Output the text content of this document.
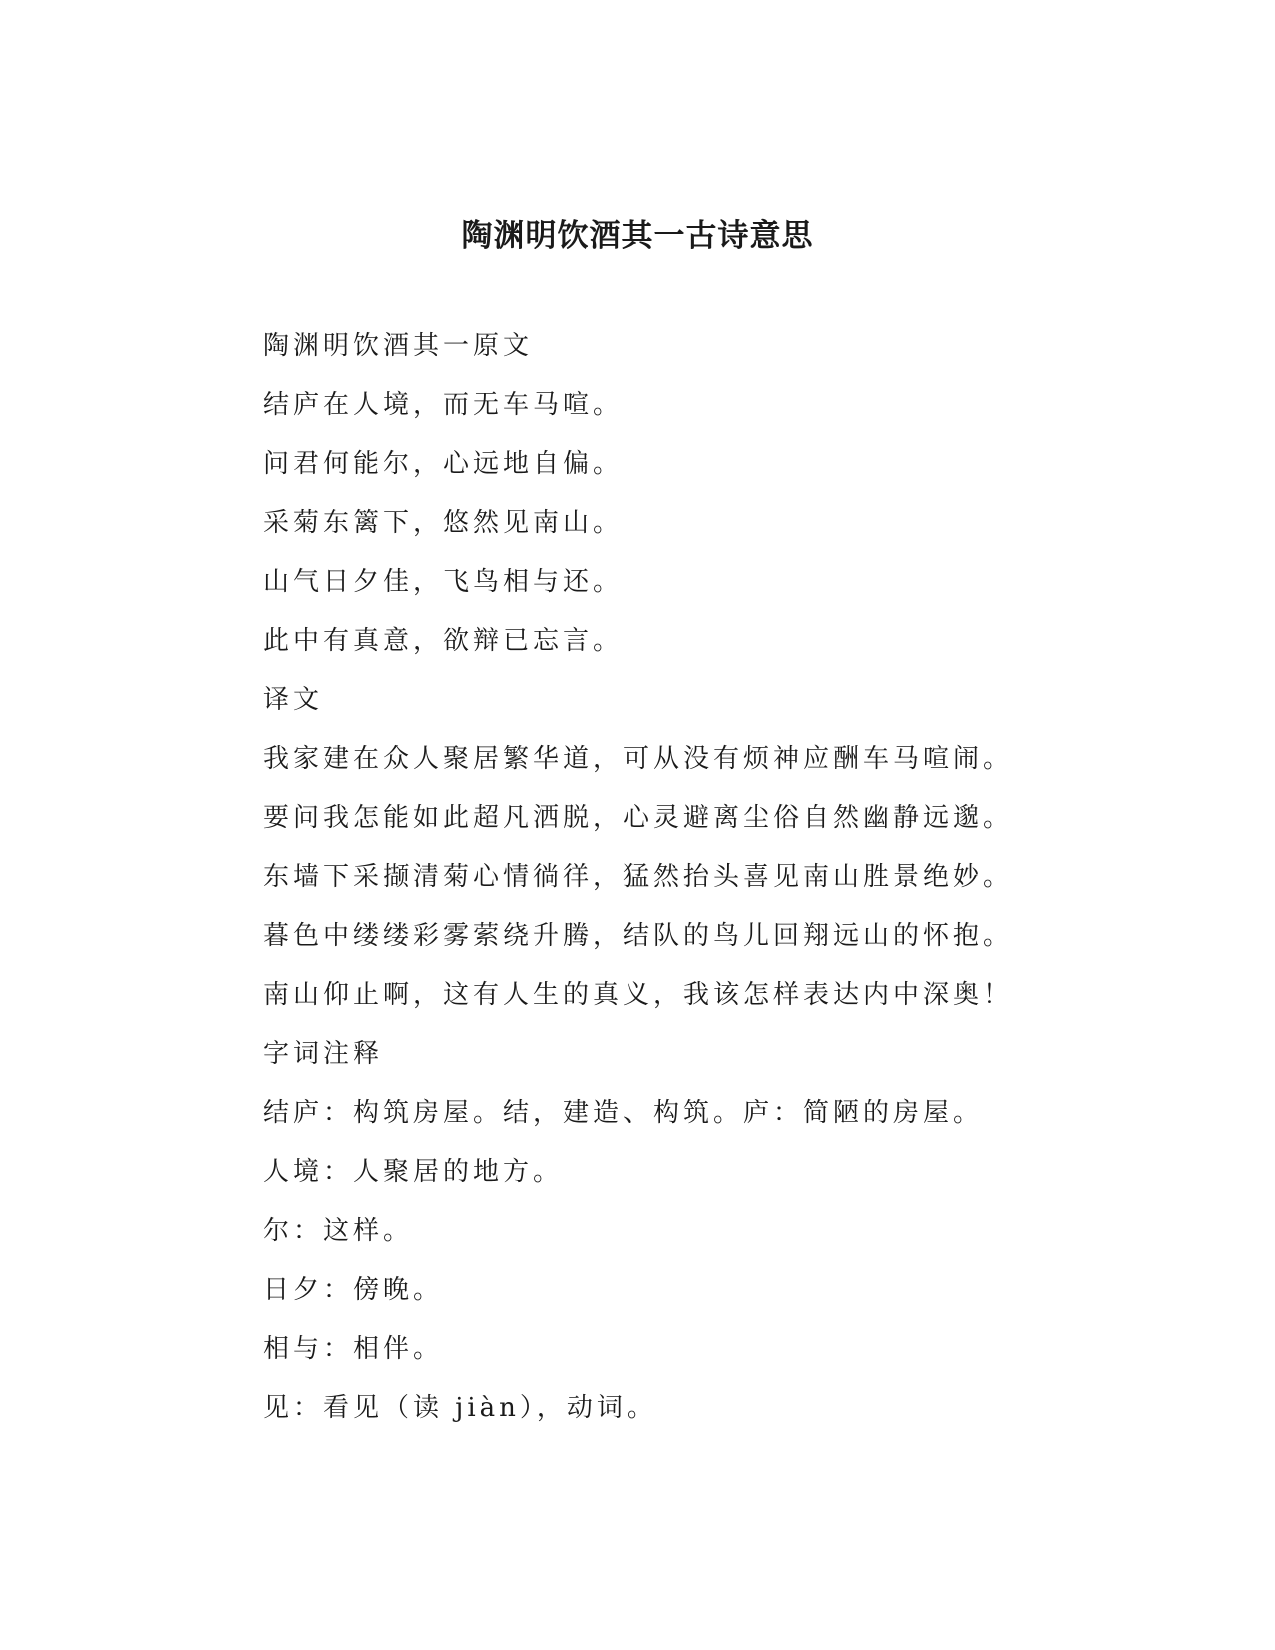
陶渊明饮酒其一古诗意思
陶渊明饮酒其一原文
结庐在人境，而无车马喧。
问君何能尔，心远地自偏。
采菊东篱下，悠然见南山。
山气日夕佳，飞鸟相与还。
此中有真意，欲辩已忘言。
译文
我家建在众人聚居繁华道，可从没有烦神应酬车马喧闹。
要问我怎能如此超凡洒脱，心灵避离尘俗自然幽静远邈。
东墙下采撷清菊心情徜徉，猛然抬头喜见南山胜景绝妙。
暮色中缕缕彩雾萦绕升腾，结队的鸟儿回翔远山的怀抱。
南山仰止啊，这有人生的真义，我该怎样表达内中深奥！
字词注释
结庐：构筑房屋。结，建造、构筑。庐：简陋的房屋。
人境：人聚居的地方。
尔：这样。
日夕：傍晚。
相与：相伴。
见：看见（读 jiàn），动词。
